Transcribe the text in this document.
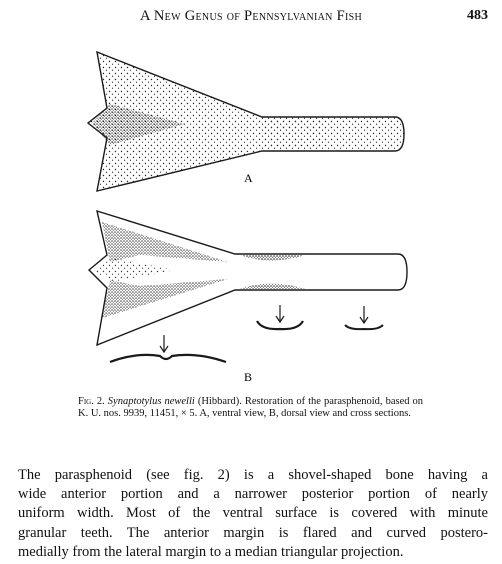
A New Genus of Pennsylvanian Fish	483
A
B
Fig. 2. Synaptotylus newelli (Hibbard). Restoration of the parasphenoid, based on K. U. nos. 9939, 11451, × 5. A, ventral view, B, dorsal view and cross sections.
The parasphenoid (see fig. 2) is a shovel-shaped bone having a
wide anterior portion and a narrower posterior portion of nearly
uniform width. Most of the ventral surface is covered with minute
granular teeth. The anterior margin is flared and curved postero-
medially from the lateral margin to a median triangular projection.
